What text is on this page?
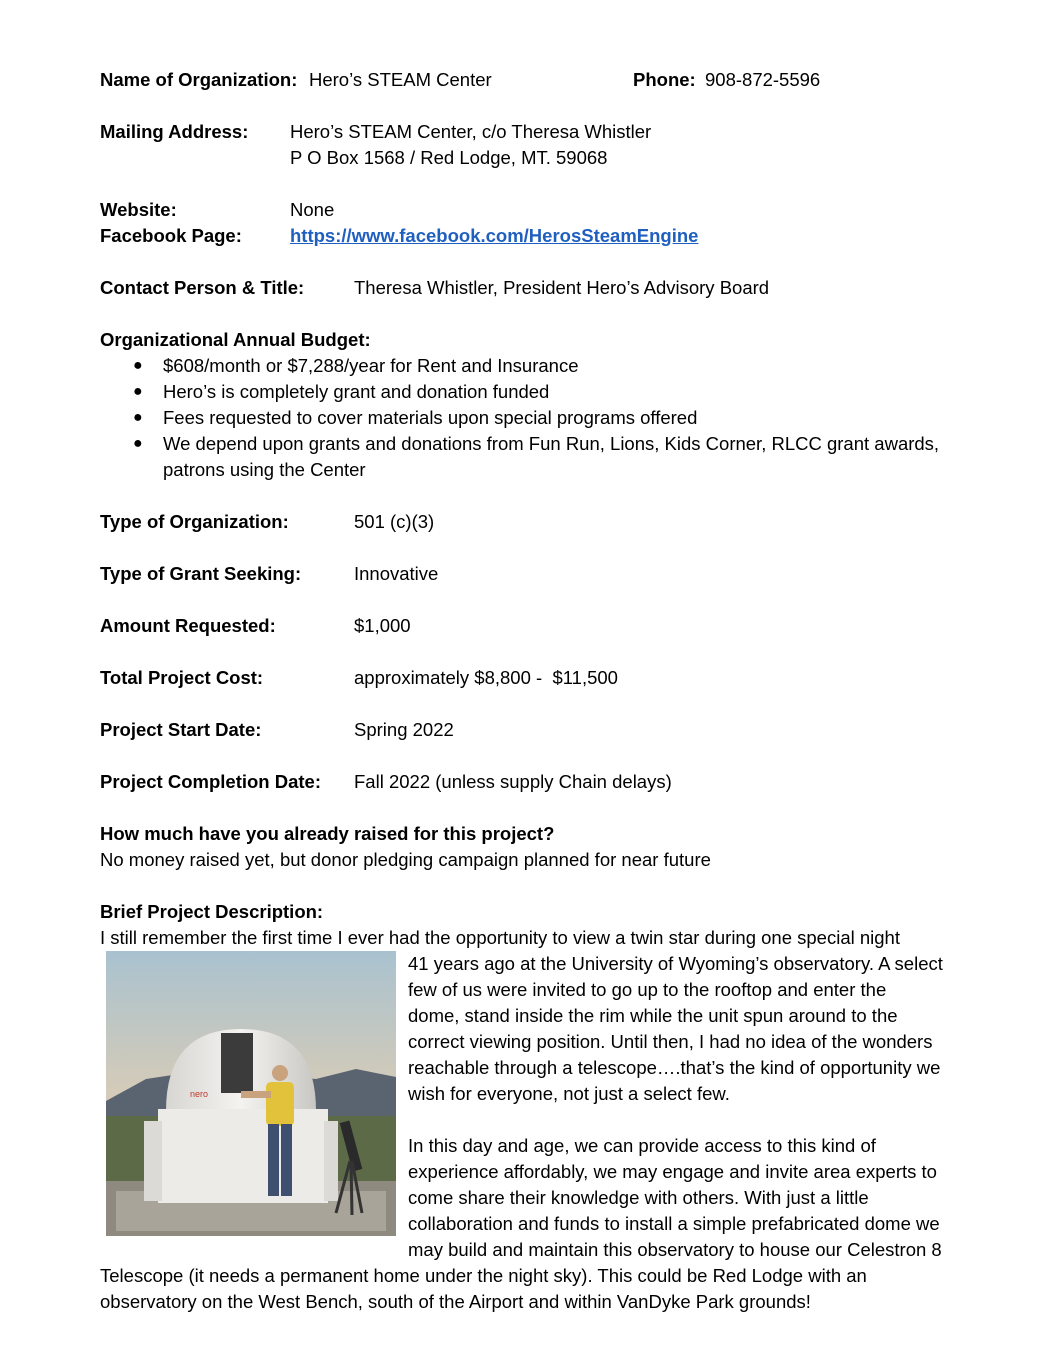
Name of Organization: Hero’s STEAM Center	Phone: 908-872-5596
Mailing Address: Hero’s STEAM Center, c/o Theresa Whistler
P O Box 1568 / Red Lodge, MT. 59068
Website:	None
Facebook Page:	https://www.facebook.com/HerosSteamEngine
Contact Person & Title:	Theresa Whistler, President Hero’s Advisory Board
Organizational Annual Budget:
● $608/month or $7,288/year for Rent and Insurance
● Hero’s is completely grant and donation funded
● Fees requested to cover materials upon special programs offered
● We depend upon grants and donations from Fun Run, Lions, Kids Corner, RLCC grant awards, patrons using the Center
Type of Organization:	501 (c)(3)
Type of Grant Seeking:	Innovative
Amount Requested:	$1,000
Total Project Cost:	approximately $8,800 -  $11,500
Project Start Date:	Spring 2022
Project Completion Date: Fall 2022 (unless supply Chain delays)
How much have you already raised for this project?
No money raised yet, but donor pledging campaign planned for near future
Brief Project Description:
I still remember the first time I ever had the opportunity to view a twin star during one special night
nero
41 years ago at the University of Wyoming’s observatory. A select
few of us were invited to go up to the rooftop and enter the
dome, stand inside the rim while the unit spun around to the
correct viewing position. Until then, I had no idea of the wonders
reachable through a telescope….that’s the kind of opportunity we
wish for everyone, not just a select few.
In this day and age, we can provide access to this kind of
experience affordably, we may engage and invite area experts to
come share their knowledge with others. With just a little
collaboration and funds to install a simple prefabricated dome we
may build and maintain this observatory to house our Celestron 8
Telescope (it needs a permanent home under the night sky). This could be Red Lodge with an
observatory on the West Bench, south of the Airport and within VanDyke Park grounds!
